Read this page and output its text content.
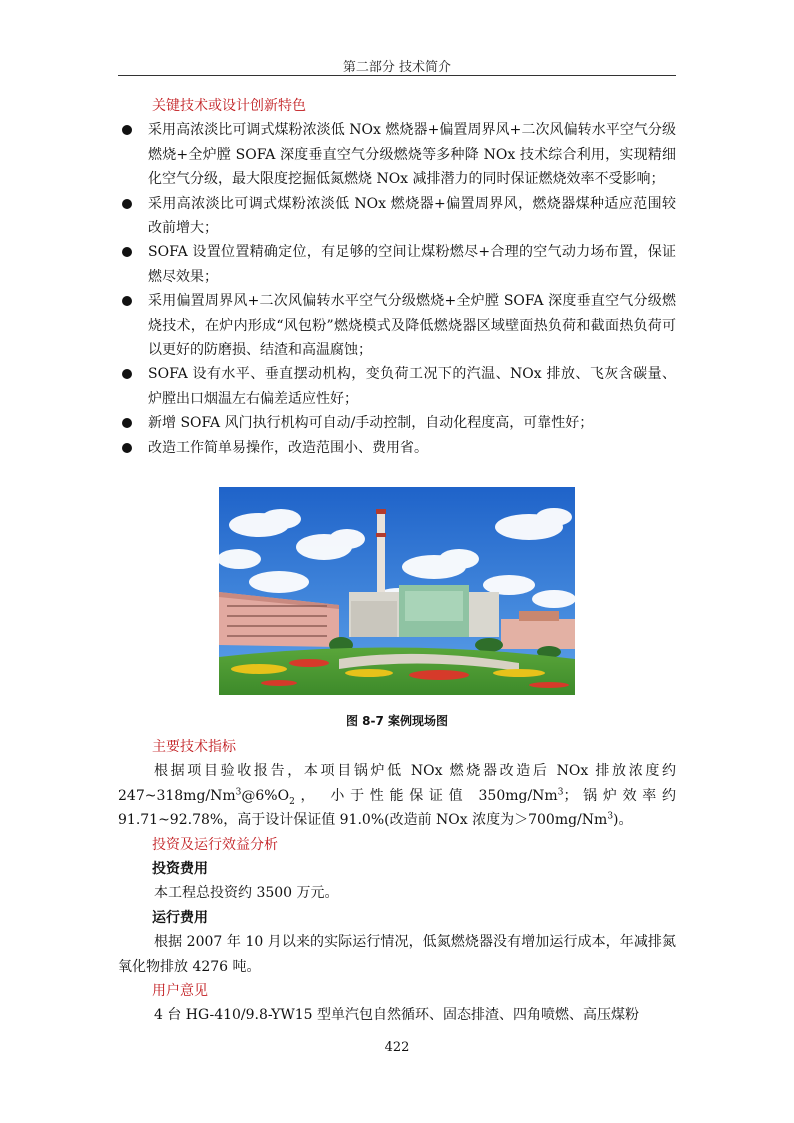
第二部分 技术简介
关键技术或设计创新特色
采用高浓淡比可调式煤粉浓淡低 NOx 燃烧器+偏置周界风+二次风偏转水平空气分级燃烧+全炉膛 SOFA 深度垂直空气分级燃烧等多种降 NOx 技术综合利用，实现精细化空气分级，最大限度挖掘低氮燃烧 NOx 减排潜力的同时保证燃烧效率不受影响；
采用高浓淡比可调式煤粉浓淡低 NOx 燃烧器+偏置周界风，燃烧器煤种适应范围较改前增大；
SOFA 设置位置精确定位，有足够的空间让煤粉燃尽+合理的空气动力场布置，保证燃尽效果；
采用偏置周界风+二次风偏转水平空气分级燃烧+全炉膛 SOFA 深度垂直空气分级燃烧技术，在炉内形成“风包粉”燃烧模式及降低燃烧器区域壁面热负荷和截面热负荷可以更好的防磨损、结渣和高温腐蚀；
SOFA 设有水平、垂直摆动机构，变负荷工况下的汽温、NOx 排放、飞灰含碳量、炉膛出口烟温左右偏差适应性好；
新增 SOFA 风门执行机构可自动/手动控制，自动化程度高，可靠性好；
改造工作简单易操作，改造范围小、费用省。
图 8-7 案例现场图
主要技术指标

根据项目验收报告，本项目锅炉低 NOx 燃烧器改造后 NOx 排放浓度约 $247\sim 318mg/Nm^3@6\%O_2$， 小于性能保证值 350mg/Nm$^3$；锅炉效率约 91.71~92.78%，高于设计保证值 91.0%(改造前 NOx 浓度为$>700mg/Nm^3$)。

投资及运行效益分析
投资费用

本工程总投资约 3500 万元。

运行费用

根据 2007 年 10 月以来的实际运行情况，低氮燃烧器没有增加运行成本，年减排氮氧化物排放 4276 吨。

用户意见

4 台 HG-410/9.8-YW15 型单汽包自然循环、固态排渣、四角喷燃、高压煤粉

422
